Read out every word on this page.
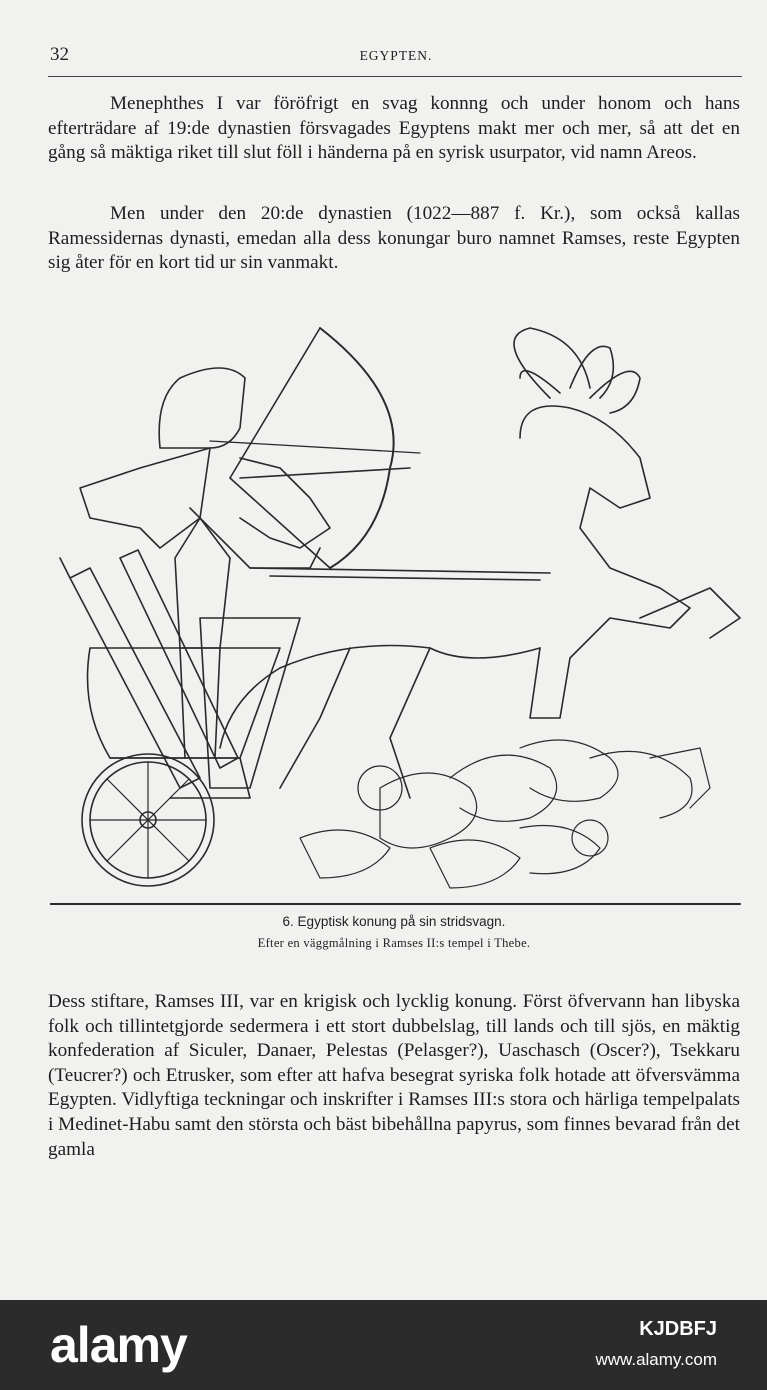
32	EGYPTEN.

Menephthes I var föröfrigt en svag konnng och under honom och hans efterträdare af 19:de dynastien försvagades Egyptens makt mer och mer, så att det en gång så mäktiga riket till slut föll i händerna på en syrisk usurpator, vid namn Areos.

Men under den 20:de dynastien (1022—887 f. Kr.), som också kallas Ramessidernas dynasti, emedan alla dess konungar buro namnet Ramses, reste Egypten sig åter för en kort tid ur sin vanmakt.

6. Egyptisk konung på sin stridsvagn.
Efter en väggmålning i Ramses II:s tempel i Thebe.

Dess stiftare, Ramses III, var en krigisk och lycklig konung. Först öfvervann han libyska folk och tillintetgjorde sedermera i ett stort dubbelslag, till lands och till sjös, en mäktig konfederation af Siculer, Danaer, Pelestas (Pelasger?), Uaschasch (Oscer?), Tsekkaru (Teucrer?) och Etrusker, som efter att hafva besegrat syriska folk hotade att öfversvämma Egypten. Vidlyftiga teckningar och inskrifter i Ramses III:s stora och härliga tempelpalats i Medinet-Habu samt den största och bäst bibehållna papyrus, som finnes bevarad från det gamla

alamy	KJDBFJ
www.alamy.com
